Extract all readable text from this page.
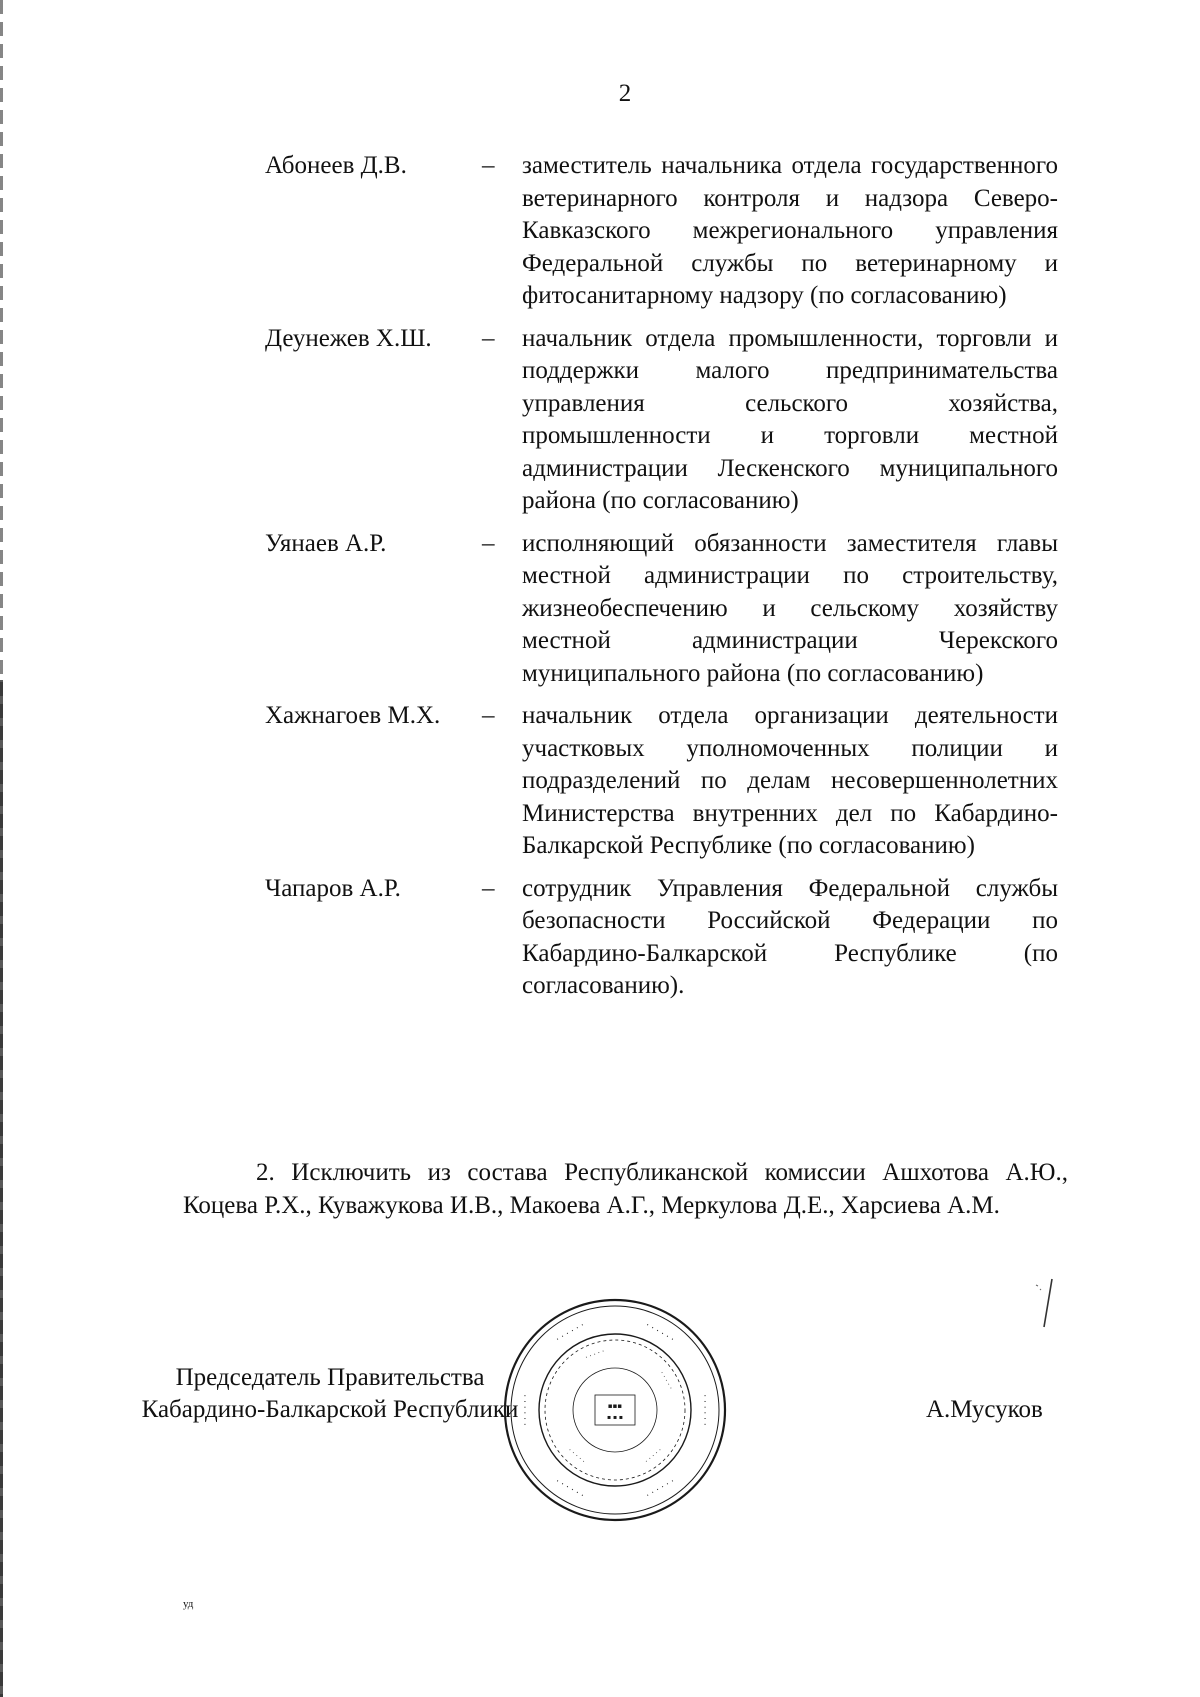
2
Абонеев Д.В.	– заместитель начальника отдела государственного ветеринарного контроля и надзора Северо-Кавказского межрегионального управления Федеральной службы по ветеринарному и фитосанитарному надзору (по согласованию)
Деунежев Х.Ш. – начальник отдела промышленности, торговли и поддержки малого предпринимательства управления сельского хозяйства, промышленности и торговли местной администрации Лескенского муниципального района (по согласованию)
Уянаев А.Р.	– исполняющий обязанности заместителя главы местной администрации по строительству, жизнеобеспечению и сельскому хозяйству местной администрации Черекского муниципального района (по согласованию)
Хажнагоев М.Х. – начальник отдела организации деятельности участковых уполномоченных полиции и подразделений по делам несовершеннолетних Министерства внутренних дел по Кабардино-Балкарской Республике (по согласованию)
Чапаров А.Р.	– сотрудник Управления Федеральной службы безопасности Российской Федерации по Кабардино-Балкарской Республике (по согласованию).
2. Исключить из состава Республиканской комиссии Ашхотова А.Ю., Коцева Р.Х., Куважукова И.В., Макоева А.Г., Меркулова Д.Е., Харсиева А.М.
Председатель Правительства
Кабардино-Балкарской Республики	А.Мусуков
· · · · · ·	· · · · · ·
· · · · · ·
· · · · · ·
· · · · · ·
· · · · · ·
· · · · ·
· · · · ·
· · · · ·
· · · · ·
▪▪▪
▪ ▪ ▪
уд
